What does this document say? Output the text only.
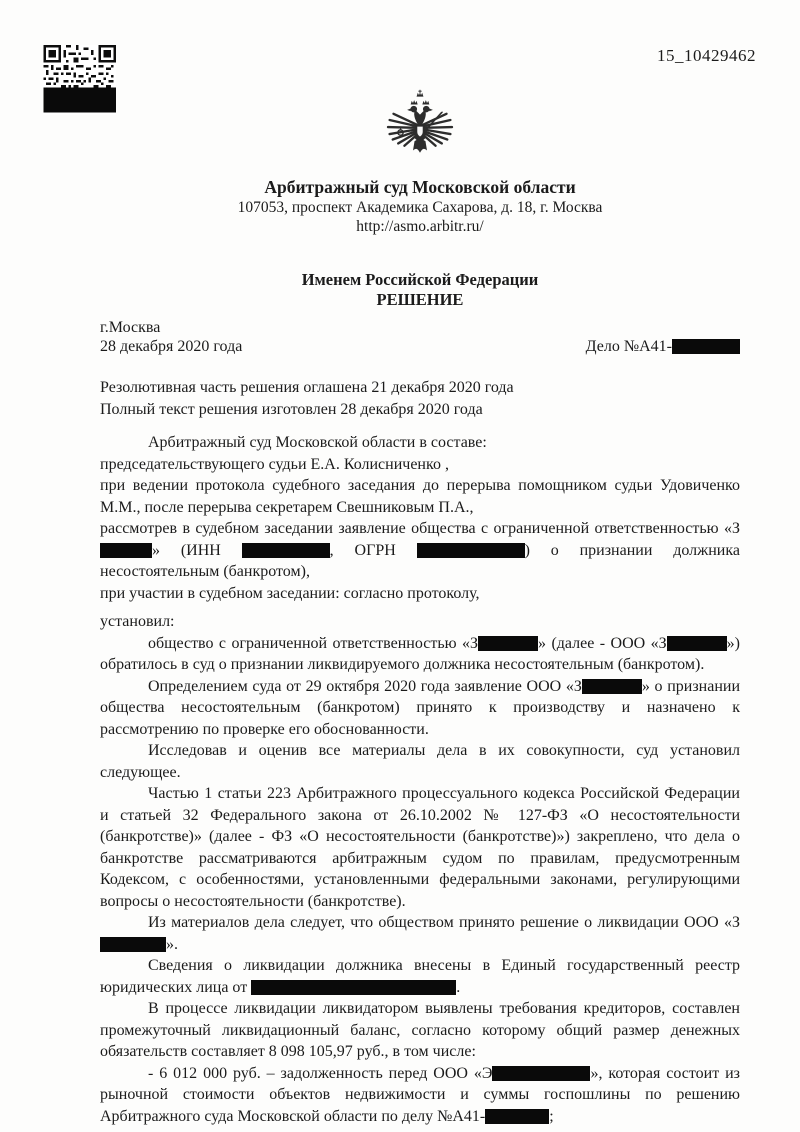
15_10429462
Арбитражный суд Московской области
107053, проспект Академика Сахарова, д. 18, г. Москва
http://asmo.arbitr.ru/
Именем Российской Федерации
РЕШЕНИЕ
г.Москва
28 декабря 2020 года	Дело №А41-

Резолютивная часть решения оглашена 21 декабря 2020 года

Полный текст решения изготовлен 28 декабря 2020 года

Арбитражный суд Московской области в составе:

председательствующего судьи Е.А. Колисниченко ,

при ведении протокола судебного заседания до перерыва помощником судьи Удовиченко М.М., после перерыва секретарем Свешниковым П.А.,

рассмотрев в судебном заседании заявление общества с ограниченной ответственностью «З» (ИНН	, ОГРН	) о признании должника несостоятельным (банкротом),

при участии в судебном заседании: согласно протоколу,

установил:

общество с ограниченной ответственностью «З	» (далее - ООО «З	») обратилось в суд о признании ликвидируемого должника несостоятельным (банкротом).

Определением суда от 29 октября 2020 года заявление ООО «З	» о признании общества несостоятельным (банкротом) принято к производству и назначено к рассмотрению по проверке его обоснованности.

Исследовав и оценив все материалы дела в их совокупности, суд установил следующее.

Частью 1 статьи 223 Арбитражного процессуального кодекса Российской Федерации и статьей 32 Федерального закона от 26.10.2002 № 127-ФЗ «О несостоятельности (банкротстве)» (далее - ФЗ «О несостоятельности (банкротстве)») закреплено, что дела о банкротстве рассматриваются арбитражным судом по правилам, предусмотренным Кодексом, с особенностями, установленными федеральными законами, регулирующими вопросы о несостоятельности (банкротстве).

Из материалов дела следует, что обществом принято решение о ликвидации ООО «З».

Сведения о ликвидации должника внесены в Единый государственный реестр юридических лица от	.

В процессе ликвидации ликвидатором выявлены требования кредиторов, составлен промежуточный ликвидационный баланс, согласно которому общий размер денежных обязательств составляет 8 098 105,97 руб., в том числе:

- 6 012 000 руб. – задолженность перед ООО «Э	», которая состоит из рыночной стоимости объектов недвижимости и суммы госпошлины по решению Арбитражного суда Московской области по делу №А41-	;
